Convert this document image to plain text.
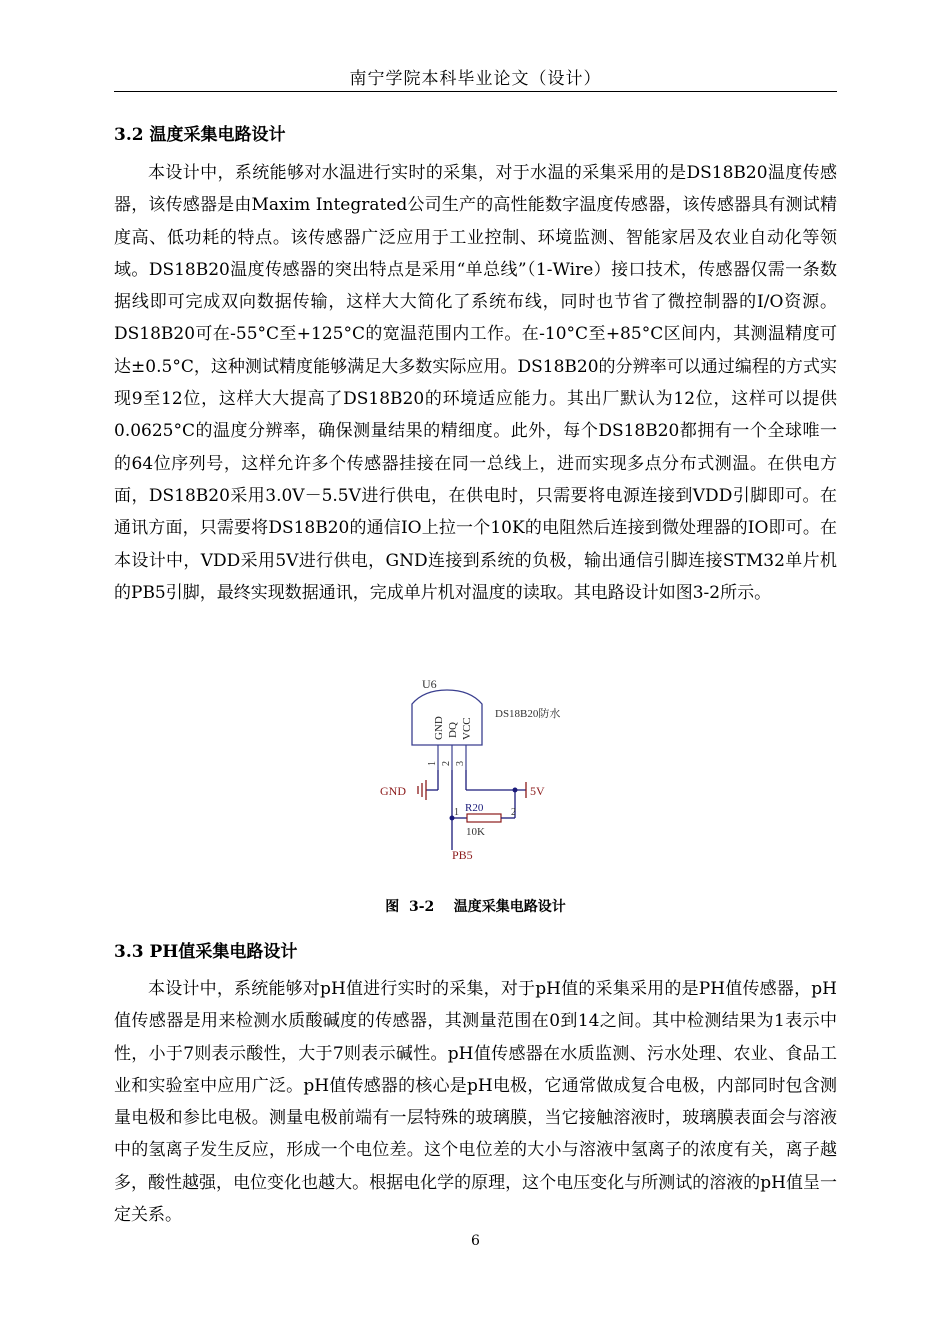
南宁学院本科毕业论文（设计）
3.2 温度采集电路设计

本设计中，系统能够对水温进行实时的采集，对于水温的采集采用的是DS18B20温度传感器，该传感器是由Maxim Integrated公司生产的高性能数字温度传感器，该传感器具有测试精度高、低功耗的特点。该传感器广泛应用于工业控制、环境监测、智能家居及农业自动化等领域。DS18B20温度传感器的突出特点是采用“单总线”（1-Wire）接口技术，传感器仅需一条数据线即可完成双向数据传输，这样大大简化了系统布线，同时也节省了微控制器的I/O资源。DS18B20可在-55°C至+125°C的宽温范围内工作。在-10°C至+85°C区间内，其测温精度可达±0.5°C，这种测试精度能够满足大多数实际应用。DS18B20的分辨率可以通过编程的方式实现9至12位，这样大大提高了DS18B20的环境适应能力。其出厂默认为12位，这样可以提供0.0625°C的温度分辨率，确保测量结果的精细度。此外，每个DS18B20都拥有一个全球唯一的64位序列号，这样允许多个传感器挂接在同一总线上，进而实现多点分布式测温。在供电方面，DS18B20采用3.0V－5.5V进行供电，在供电时，只需要将电源连接到VDD引脚即可。在通讯方面，只需要将DS18B20的通信IO上拉一个10K的电阻然后连接到微处理器的IO即可。在本设计中，VDD采用5V进行供电，GND连接到系统的负极，输出通信引脚连接STM32单片机的PB5引脚，最终实现数据通讯，完成单片机对温度的读取。其电路设计如图3-2所示。

U6
GND DQ VCC
DS18B20防水
1 2 3
GND	5V
R20
10K
1	2
PB5
图  3-2    温度采集电路设计
3.3 PH值采集电路设计

本设计中，系统能够对pH值进行实时的采集，对于pH值的采集采用的是PH值传感器，pH值传感器是用来检测水质酸碱度的传感器，其测量范围在0到14之间。其中检测结果为1表示中性，小于7则表示酸性，大于7则表示碱性。pH值传感器在水质监测、污水处理、农业、食品工业和实验室中应用广泛。pH值传感器的核心是pH电极，它通常做成复合电极，内部同时包含测量电极和参比电极。测量电极前端有一层特殊的玻璃膜，当它接触溶液时，玻璃膜表面会与溶液中的氢离子发生反应，形成一个电位差。这个电位差的大小与溶液中氢离子的浓度有关，离子越多，酸性越强，电位变化也越大。根据电化学的原理，这个电压变化与所测试的溶液的pH值呈一定关系。

6
